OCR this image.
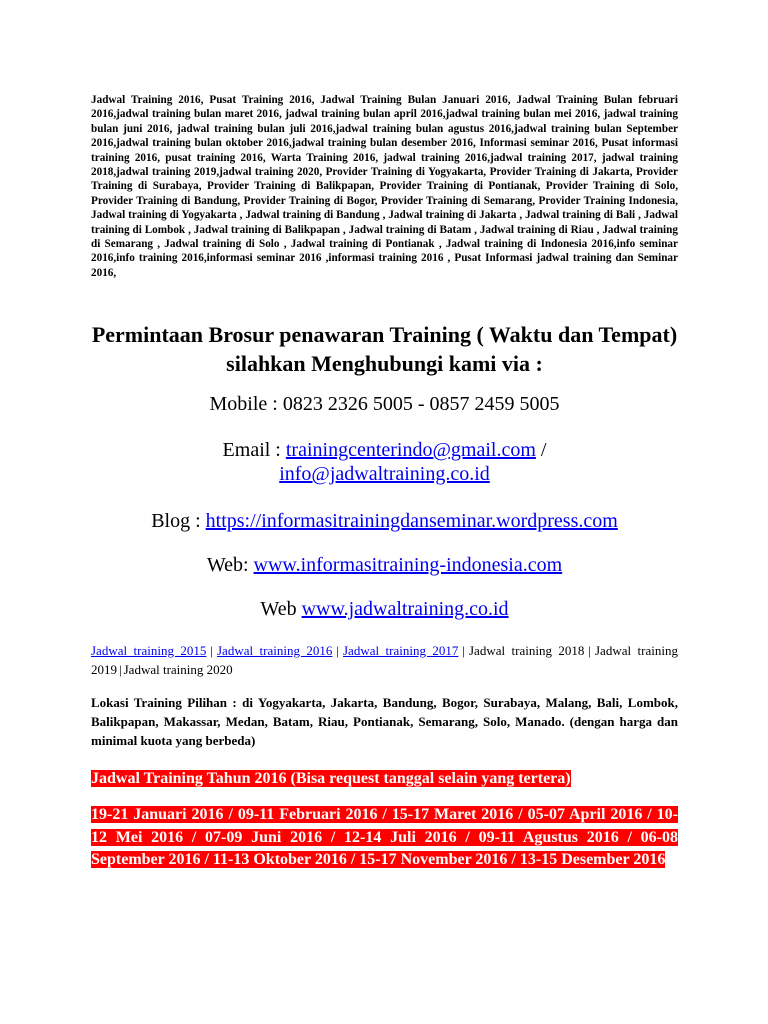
Jadwal Training 2016, Pusat Training 2016, Jadwal Training Bulan Januari 2016, Jadwal Training Bulan februari 2016,jadwal training bulan maret 2016, jadwal training bulan april 2016,jadwal training bulan mei 2016, jadwal training bulan juni 2016, jadwal training bulan juli 2016,jadwal training bulan agustus 2016,jadwal training bulan September 2016,jadwal training bulan oktober 2016,jadwal training bulan desember 2016, Informasi seminar 2016, Pusat informasi training 2016, pusat training 2016, Warta Training 2016, jadwal training 2016,jadwal training 2017, jadwal training 2018,jadwal training 2019,jadwal training 2020, Provider Training di Yogyakarta, Provider Training di Jakarta, Provider Training di Surabaya, Provider Training di Balikpapan, Provider Training di Pontianak, Provider Training di Solo, Provider Training di Bandung, Provider Training di Bogor, Provider Training di Semarang, Provider Training Indonesia, Jadwal training di Yogyakarta , Jadwal training di Bandung , Jadwal training di Jakarta , Jadwal training di Bali , Jadwal training di Lombok , Jadwal training di Balikpapan , Jadwal training di Batam , Jadwal training di Riau , Jadwal training di Semarang , Jadwal training di Solo , Jadwal training di Pontianak , Jadwal training di Indonesia 2016,info seminar 2016,info training 2016,informasi seminar 2016 ,informasi training 2016 , Pusat Informasi jadwal training dan Seminar 2016,

Permintaan Brosur penawaran Training ( Waktu dan Tempat) silahkan Menghubungi kami via :

Mobile : 0823 2326 5005 - 0857 2459 5005

Email : trainingcenterindo@gmail.com /
info@jadwaltraining.co.id

Blog : https://informasitrainingdanseminar.wordpress.com

Web: www.informasitraining-indonesia.com

Web www.jadwaltraining.co.id

Jadwal training 2015 | Jadwal training 2016 | Jadwal training 2017 | Jadwal training 2018 | Jadwal training 2019 | Jadwal training 2020

Lokasi Training Pilihan : di Yogyakarta, Jakarta, Bandung, Bogor, Surabaya, Malang, Bali, Lombok, Balikpapan, Makassar, Medan, Batam, Riau, Pontianak, Semarang, Solo, Manado. (dengan harga dan minimal kuota yang berbeda)

Jadwal Training Tahun 2016 (Bisa request tanggal selain yang tertera)

19-21 Januari 2016 / 09-11 Februari 2016 / 15-17 Maret 2016 / 05-07 April 2016 / 10-12 Mei 2016 / 07-09 Juni 2016 / 12-14 Juli 2016 / 09-11 Agustus 2016 / 06-08 September 2016 / 11-13 Oktober 2016 / 15-17 November 2016 / 13-15 Desember 2016
